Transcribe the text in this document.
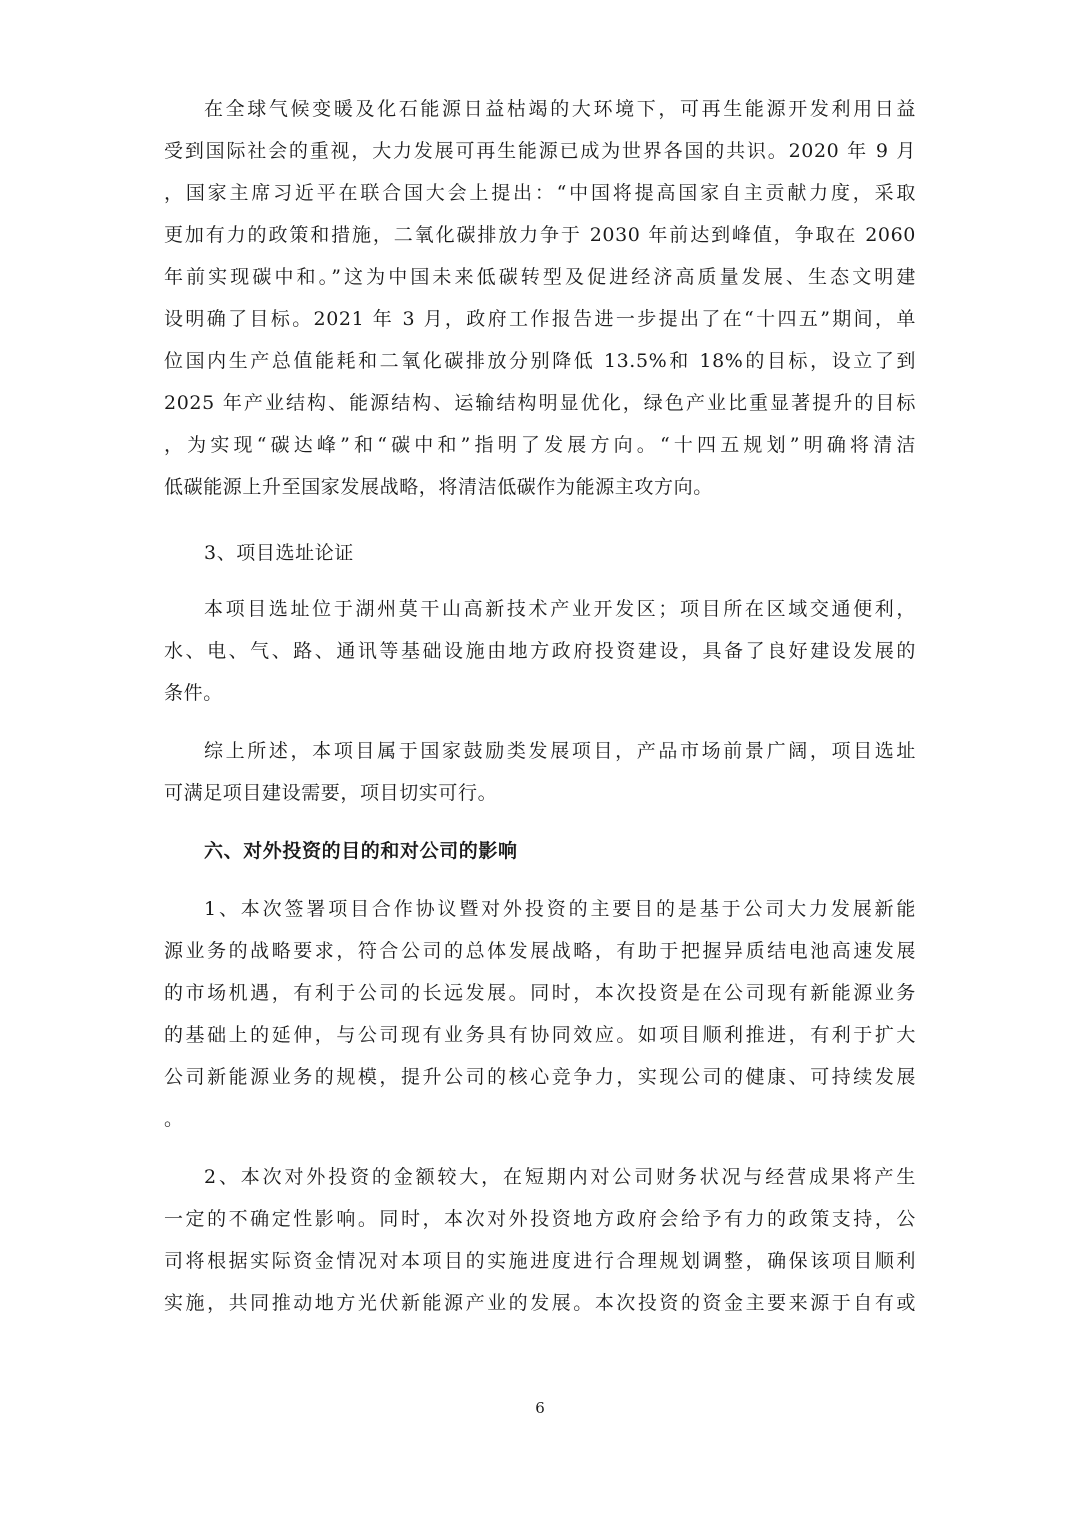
在全球气候变暖及化石能源日益枯竭的大环境下，可再生能源开发利用日益
受到国际社会的重视，大力发展可再生能源已成为世界各国的共识。2020 年 9 月
，国家主席习近平在联合国大会上提出：“中国将提高国家自主贡献力度，采取
更加有力的政策和措施，二氧化碳排放力争于 2030 年前达到峰值，争取在 2060
年前实现碳中和。”这为中国未来低碳转型及促进经济高质量发展、生态文明建
设明确了目标。2021 年 3 月，政府工作报告进一步提出了在“十四五”期间，单
位国内生产总值能耗和二氧化碳排放分别降低 13.5%和 18%的目标，设立了到
2025 年产业结构、能源结构、运输结构明显优化，绿色产业比重显著提升的目标
，为实现“碳达峰”和“碳中和”指明了发展方向。“十四五规划”明确将清洁
低碳能源上升至国家发展战略，将清洁低碳作为能源主攻方向。
3、项目选址论证
本项目选址位于湖州莫干山高新技术产业开发区；项目所在区域交通便利，
水、电、气、路、通讯等基础设施由地方政府投资建设，具备了良好建设发展的
条件。
综上所述，本项目属于国家鼓励类发展项目，产品市场前景广阔，项目选址
可满足项目建设需要，项目切实可行。
六、对外投资的目的和对公司的影响
1、本次签署项目合作协议暨对外投资的主要目的是基于公司大力发展新能
源业务的战略要求，符合公司的总体发展战略，有助于把握异质结电池高速发展
的市场机遇，有利于公司的长远发展。同时，本次投资是在公司现有新能源业务
的基础上的延伸，与公司现有业务具有协同效应。如项目顺利推进，有利于扩大
公司新能源业务的规模，提升公司的核心竞争力，实现公司的健康、可持续发展
。
2、本次对外投资的金额较大，在短期内对公司财务状况与经营成果将产生
一定的不确定性影响。同时，本次对外投资地方政府会给予有力的政策支持，公
司将根据实际资金情况对本项目的实施进度进行合理规划调整，确保该项目顺利
实施，共同推动地方光伏新能源产业的发展。本次投资的资金主要来源于自有或
6
